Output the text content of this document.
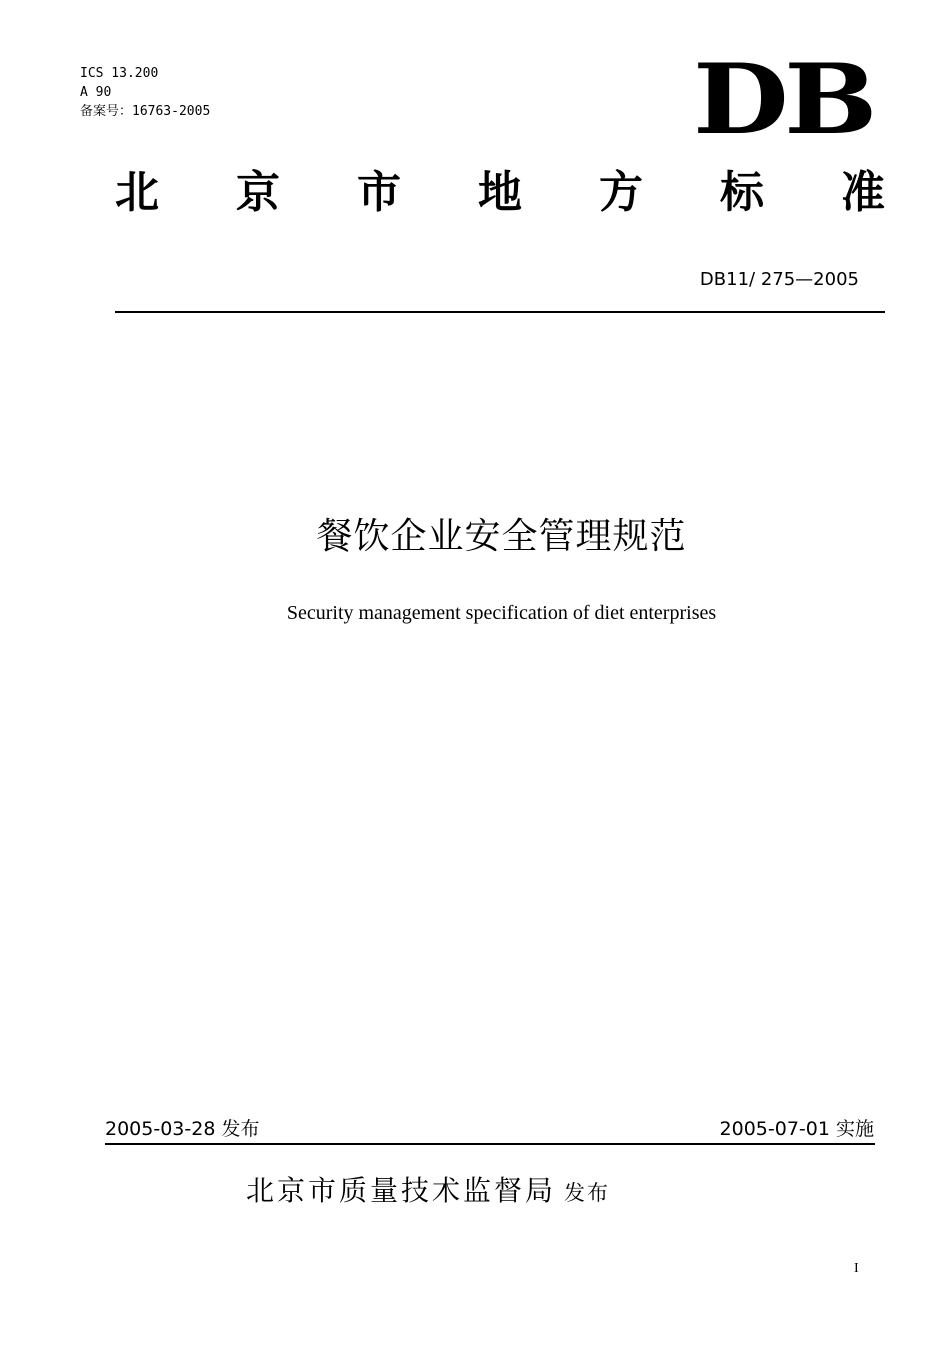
ICS 13.200
A 90
备案号：16763-2005	DB
北 京 市 地 方 标 准
DB11/ 275—2005
餐饮企业安全管理规范
Security management specification of diet enterprises
2005-03-28 发布	2005-07-01 实施
北京市质量技术监督局 发布
I
